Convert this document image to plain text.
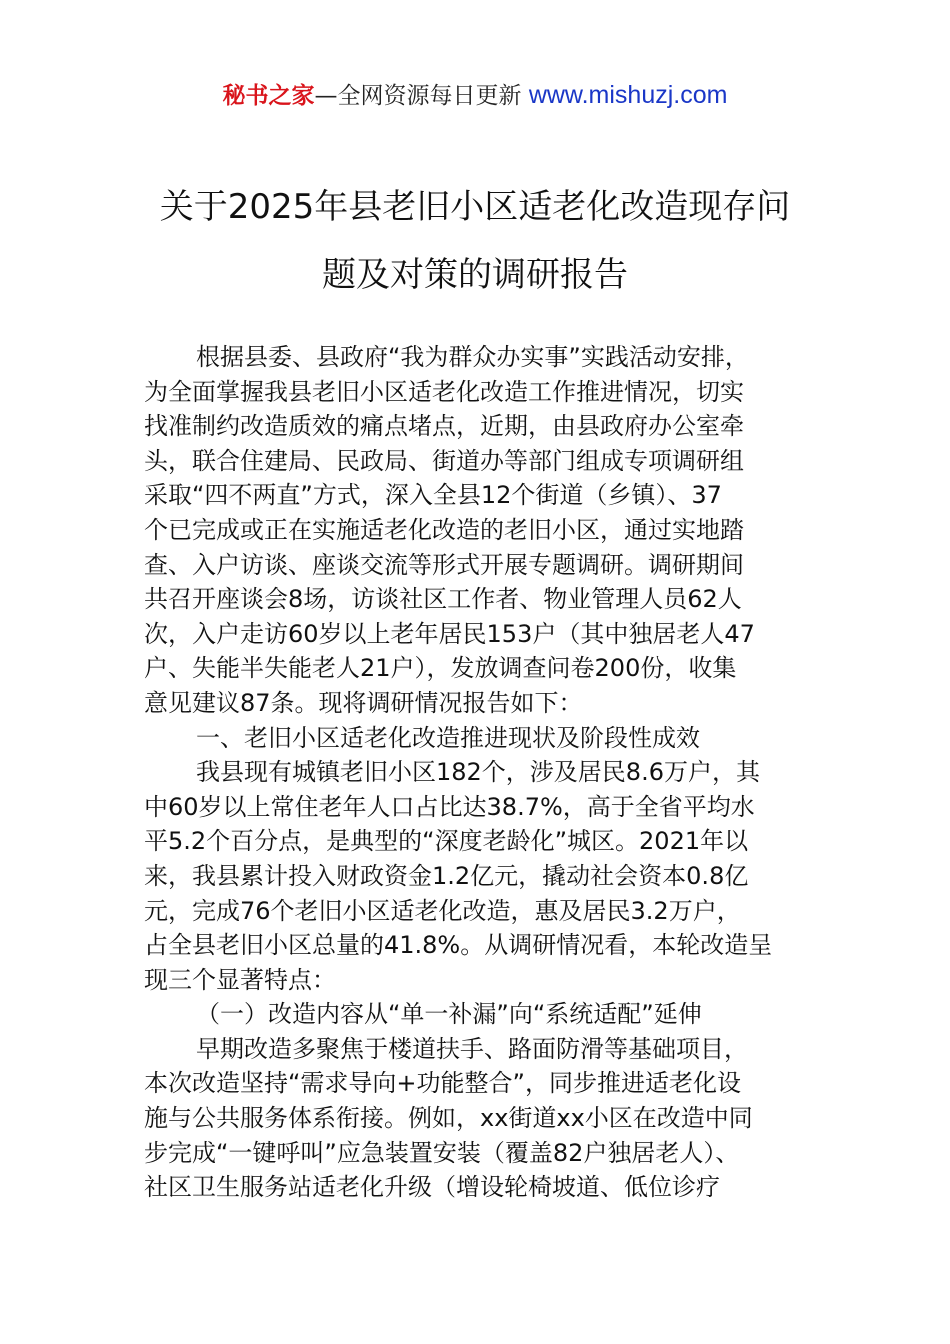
秘书之家—全网资源每日更新 www.mishuzj.com
关于2025年县老旧小区适老化改造现存问
题及对策的调研报告
根据县委、县政府“我为群众办实事”实践活动安排，
为全面掌握我县老旧小区适老化改造工作推进情况，切实
找准制约改造质效的痛点堵点，近期，由县政府办公室牵
头，联合住建局、民政局、街道办等部门组成专项调研组
采取“四不两直”方式，深入全县12个街道（乡镇）、37
个已完成或正在实施适老化改造的老旧小区，通过实地踏
查、入户访谈、座谈交流等形式开展专题调研。调研期间
共召开座谈会8场，访谈社区工作者、物业管理人员62人
次，入户走访60岁以上老年居民153户（其中独居老人47
户、失能半失能老人21户），发放调查问卷200份，收集
意见建议87条。现将调研情况报告如下：
一、老旧小区适老化改造推进现状及阶段性成效
我县现有城镇老旧小区182个，涉及居民8.6万户，其
中60岁以上常住老年人口占比达38.7%，高于全省平均水
平5.2个百分点，是典型的“深度老龄化”城区。2021年以
来，我县累计投入财政资金1.2亿元，撬动社会资本0.8亿
元，完成76个老旧小区适老化改造，惠及居民3.2万户，
占全县老旧小区总量的41.8%。从调研情况看，本轮改造呈
现三个显著特点：
（一）改造内容从“单一补漏”向“系统适配”延伸
早期改造多聚焦于楼道扶手、路面防滑等基础项目，
本次改造坚持“需求导向+功能整合”，同步推进适老化设
施与公共服务体系衔接。例如，xx街道xx小区在改造中同
步完成“一键呼叫”应急装置安装（覆盖82户独居老人）、
社区卫生服务站适老化升级（增设轮椅坡道、低位诊疗
